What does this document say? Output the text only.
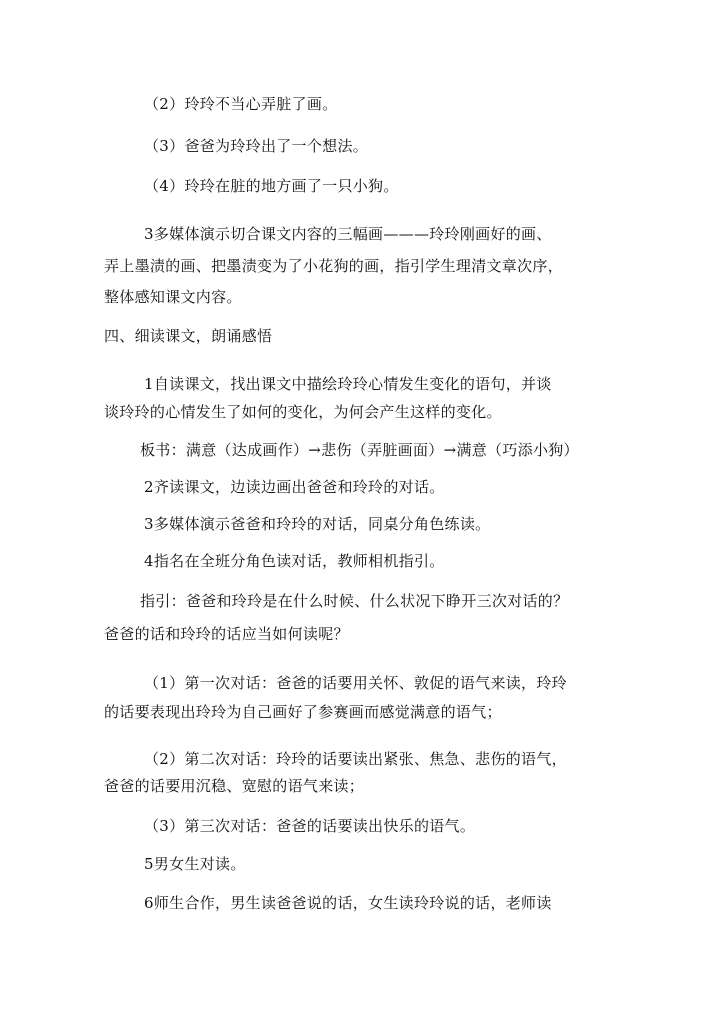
（2）玲玲不当心弄脏了画。
（3）爸爸为玲玲出了一个想法。
（4）玲玲在脏的地方画了一只小狗。
3多媒体演示切合课文内容的三幅画———玲玲刚画好的画、
弄上墨渍的画、把墨渍变为了小花狗的画，指引学生理清文章次序，
整体感知课文内容。
四、细读课文，朗诵感悟
1自读课文，找出课文中描绘玲玲心情发生变化的语句，并谈
谈玲玲的心情发生了如何的变化，为何会产生这样的变化。
板书：满意（达成画作）→悲伤（弄脏画面）→满意（巧添小狗）
2齐读课文，边读边画出爸爸和玲玲的对话。
3多媒体演示爸爸和玲玲的对话，同桌分角色练读。
4指名在全班分角色读对话，教师相机指引。
指引：爸爸和玲玲是在什么时候、什么状况下睁开三次对话的？
爸爸的话和玲玲的话应当如何读呢？
（1）第一次对话：爸爸的话要用关怀、敦促的语气来读，玲玲
的话要表现出玲玲为自己画好了参赛画而感觉满意的语气；
（2）第二次对话：玲玲的话要读出紧张、焦急、悲伤的语气，
爸爸的话要用沉稳、宽慰的语气来读；
（3）第三次对话：爸爸的话要读出快乐的语气。
5男女生对读。
6师生合作，男生读爸爸说的话，女生读玲玲说的话，老师读
